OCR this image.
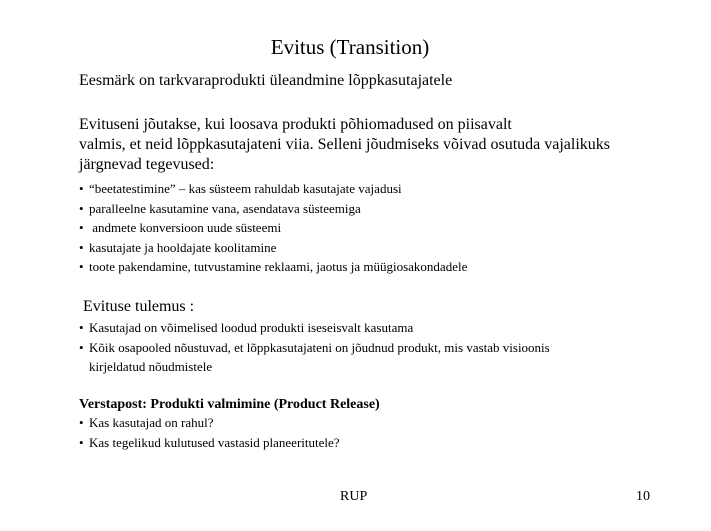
Evitus (Transition)
Eesmärk on tarkvaraprodukti üleandmine lõppkasutajatele
Evituseni jõutakse, kui loosava produkti põhiomadused on piisavalt
valmis, et neid lõppkasutajateni viia. Selleni jõudmiseks võivad osutuda vajalikuks
järgnevad tegevused:
• “beetatestimine” – kas süsteem rahuldab kasutajate vajadusi
• paralleelne kasutamine vana, asendatava süsteemiga
• andmete konversioon uude süsteemi
• kasutajate ja hooldajate koolitamine
• toote pakendamine, tutvustamine reklaami, jaotus ja müügiosakondadele
Evituse tulemus :
• Kasutajad on võimelised loodud produkti iseseisvalt kasutama
• Kõik osapooled nõustuvad, et lõppkasutajateni on jõudnud produkt, mis vastab visioonis
kirjeldatud nõudmistele
Verstapost: Produkti valmimine (Product Release)
• Kas kasutajad on rahul?
• Kas tegelikud kulutused vastasid planeeritutele?
RUP	10
